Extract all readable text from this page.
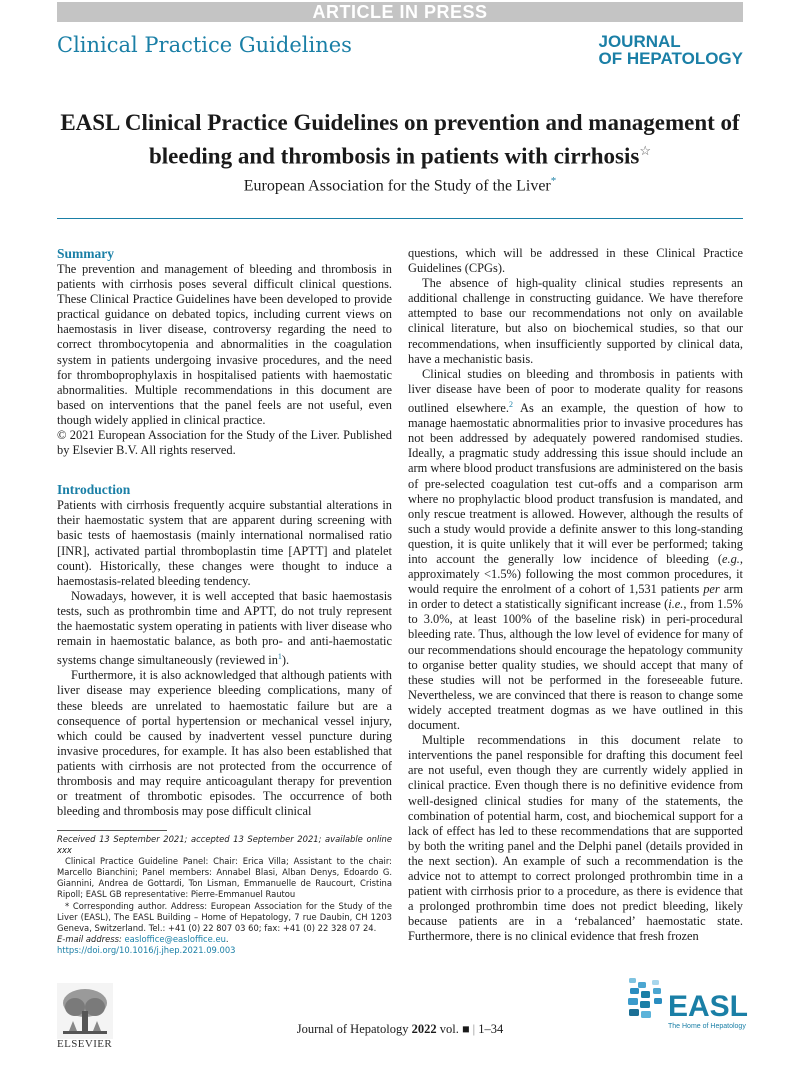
ARTICLE IN PRESS
Clinical Practice Guidelines	JOURNAL
OF HEPATOLOGY
EASL Clinical Practice Guidelines on prevention and management of bleeding and thrombosis in patients with cirrhosis☆
European Association for the Study of the Liver*
Summary

The prevention and management of bleeding and thrombosis in patients with cirrhosis poses several difficult clinical questions. These Clinical Practice Guidelines have been developed to provide practical guidance on debated topics, including current views on haemostasis in liver disease, controversy regarding the need to correct thrombocytopenia and abnormalities in the coagulation system in patients undergoing invasive procedures, and the need for thromboprophylaxis in hospitalised patients with haemostatic abnormalities. Multiple recommendations in this document are based on interventions that the panel feels are not useful, even though widely applied in clinical practice.

© 2021 European Association for the Study of the Liver. Published by Elsevier B.V. All rights reserved.

Introduction

Patients with cirrhosis frequently acquire substantial alterations in their haemostatic system that are apparent during screening with basic tests of haemostasis (mainly international normalised ratio [INR], activated partial thromboplastin time [APTT] and platelet count). Historically, these changes were thought to induce a haemostasis-related bleeding tendency.

Nowadays, however, it is well accepted that basic haemostasis tests, such as prothrombin time and APTT, do not truly represent the haemostatic system operating in patients with liver disease who remain in haemostatic balance, as both pro- and anti-haemostatic systems change simultaneously (reviewed in$^1$).

Furthermore, it is also acknowledged that although patients with liver disease may experience bleeding complications, many of these bleeds are unrelated to haemostatic failure but are a consequence of portal hypertension or mechanical vessel injury, which could be caused by inadvertent vessel puncture during invasive procedures, for example. It has also been established that patients with cirrhosis are not protected from the occurrence of thrombosis and may require anticoagulant therapy for prevention or treatment of thrombotic episodes. The occurrence of both bleeding and thrombosis may pose difficult clinical

questions, which will be addressed in these Clinical Practice Guidelines (CPGs).

The absence of high-quality clinical studies represents an additional challenge in constructing guidance. We have therefore attempted to base our recommendations not only on available clinical literature, but also on biochemical studies, so that our recommendations, when insufficiently supported by clinical data, have a mechanistic basis.

Clinical studies on bleeding and thrombosis in patients with liver disease have been of poor to moderate quality for reasons outlined elsewhere.$^2$ As an example, the question of how to manage haemostatic abnormalities prior to invasive procedures has not been addressed by adequately powered randomised studies. Ideally, a pragmatic study addressing this issue should include an arm where blood product transfusions are administered on the basis of pre-selected coagulation test cut-offs and a comparison arm where no prophylactic blood product transfusion is mandated, and only rescue treatment is allowed. However, although the results of such a study would provide a definite answer to this long-standing question, it is quite unlikely that it will ever be performed; taking into account the generally low incidence of bleeding (e.g., approximately <1.5%) following the most common procedures, it would require the enrolment of a cohort of 1,531 patients per arm in order to detect a statistically significant increase (i.e., from 1.5% to 3.0%, at least 100% of the baseline risk) in peri-procedural bleeding rate. Thus, although the low level of evidence for many of our recommendations should encourage the hepatology community to organise better quality studies, we should accept that many of these studies will not be performed in the foreseeable future. Nevertheless, we are convinced that there is reason to change some widely accepted treatment dogmas as we have outlined in this document.

Multiple recommendations in this document relate to interventions the panel responsible for drafting this document feel are not useful, even though they are currently widely applied in clinical practice. Even though there is no definitive evidence from well-designed clinical studies for many of the statements, the combination of potential harm, cost, and biochemical support for a lack of effect has led to these recommendations that are supported by both the writing panel and the Delphi panel (details provided in the next section). An example of such a recommendation is the advice not to attempt to correct prolonged prothrombin time in a patient with cirrhosis prior to a procedure, as there is evidence that a prolonged prothrombin time does not predict bleeding, likely because patients are in a ‘rebalanced’ haemostatic state. Furthermore, there is no clinical evidence that fresh frozen

Received 13 September 2021; accepted 13 September 2021; available online xxx

Clinical Practice Guideline Panel: Chair: Erica Villa; Assistant to the chair: Marcello Bianchini; Panel members: Annabel Blasi, Alban Denys, Edoardo G. Giannini, Andrea de Gottardi, Ton Lisman, Emmanuelle de Raucourt, Cristina Ripoll; EASL GB representative: Pierre-Emmanuel Rautou

* Corresponding author. Address: European Association for the Study of the Liver (EASL), The EASL Building – Home of Hepatology, 7 rue Daubin, CH 1203 Geneva, Switzerland. Tel.: +41 (0) 22 807 03 60; fax: +41 (0) 22 328 07 24.

E-mail address: easloffice@easloffice.eu.

https://doi.org/10.1016/j.jhep.2021.09.003

ELSEVIER
Journal of Hepatology 2022 vol. ■ | 1–34
EASL
The Home of Hepatology
